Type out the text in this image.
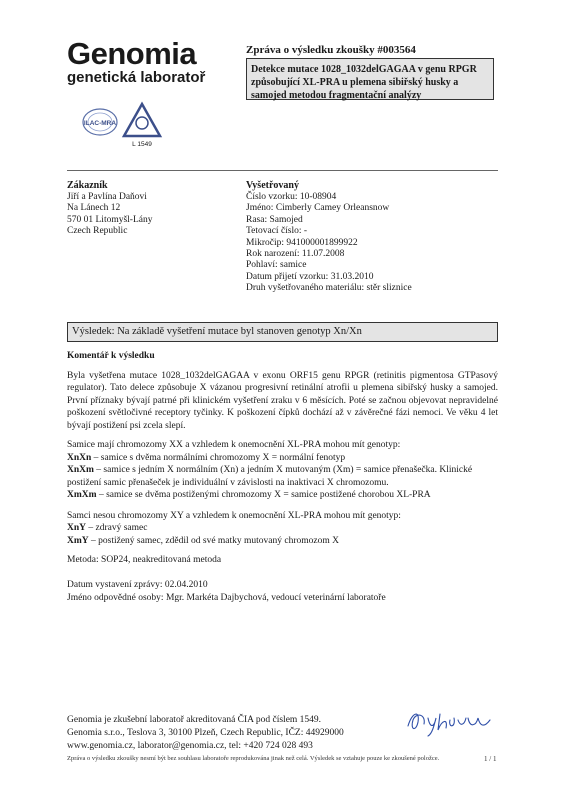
Genomia
genetická laboratoř
ILAC-MRA
L 1549
Zpráva o výsledku zkoušky #003564
Detekce mutace 1028_1032delGAGAA v genu RPGR způsobující XL-PRA u plemena sibiřský husky a samojed metodou fragmentační analýzy
Zákazník
Jiří a Pavlína Daňovi
Na Lánech 12
570 01 Litomyšl-Lány
Czech Republic
Vyšetřovaný
Číslo vzorku: 10-08904
Jméno: Cimberly Camey Orleansnow
Rasa: Samojed
Tetovací číslo: -
Mikročip: 941000001899922
Rok narození: 11.07.2008
Pohlaví: samice
Datum přijetí vzorku: 31.03.2010
Druh vyšetřovaného materiálu: stěr sliznice
Výsledek: Na základě vyšetření mutace byl stanoven genotyp Xn/Xn

Komentář k výsledku

Byla vyšetřena mutace 1028_1032delGAGAA v exonu ORF15 genu RPGR (retinitis pigmentosa GTPasový regulator). Tato delece způsobuje X vázanou progresivní retinální atrofii u plemena sibiřský husky a samojed. První příznaky bývají patrné při klinickém vyšetření zraku v 6 měsících. Poté se začnou objevovat nepravidelné poškození světločivné receptory tyčinky. K poškození čípků dochází až v závěrečné fázi nemoci. Ve věku 4 let bývají postižení psi zcela slepí.

Samice mají chromozomy XX a vzhledem k onemocnění XL-PRA mohou mít genotyp:
XnXn – samice s dvěma normálními chromozomy X = normální fenotyp
XnXm – samice s jedním X normálním (Xn) a jedním X mutovaným (Xm) = samice přenašečka. Klinické postižení samic přenašeček je individuální v závislosti na inaktivaci X chromozomu.
XmXm – samice se dvěma postiženými chromozomy X = samice postižené chorobou XL-PRA

Samci nesou chromozomy XY a vzhledem k onemocnění XL-PRA mohou mít genotyp:
XnY – zdravý samec
XmY – postižený samec, zdědil od své matky mutovaný chromozom X

Metoda: SOP24, neakreditovaná metoda

Datum vystavení zprávy: 02.04.2010

Jméno odpovědné osoby: Mgr. Markéta Dajbychová, vedoucí veterinární laboratoře

Genomia je zkušební laboratoř akreditovaná ČIA pod číslem 1549.
Genomia s.r.o., Teslova 3, 30100 Plzeň, Czech Republic, IČZ: 44929000
www.genomia.cz, laborator@genomia.cz, tel: +420 724 028 493
Zpráva o výsledku zkoušky nesmí být bez souhlasu laboratoře reprodukována jinak než celá. Výsledek se vztahuje pouze ke zkoušené položce.	1 / 1
